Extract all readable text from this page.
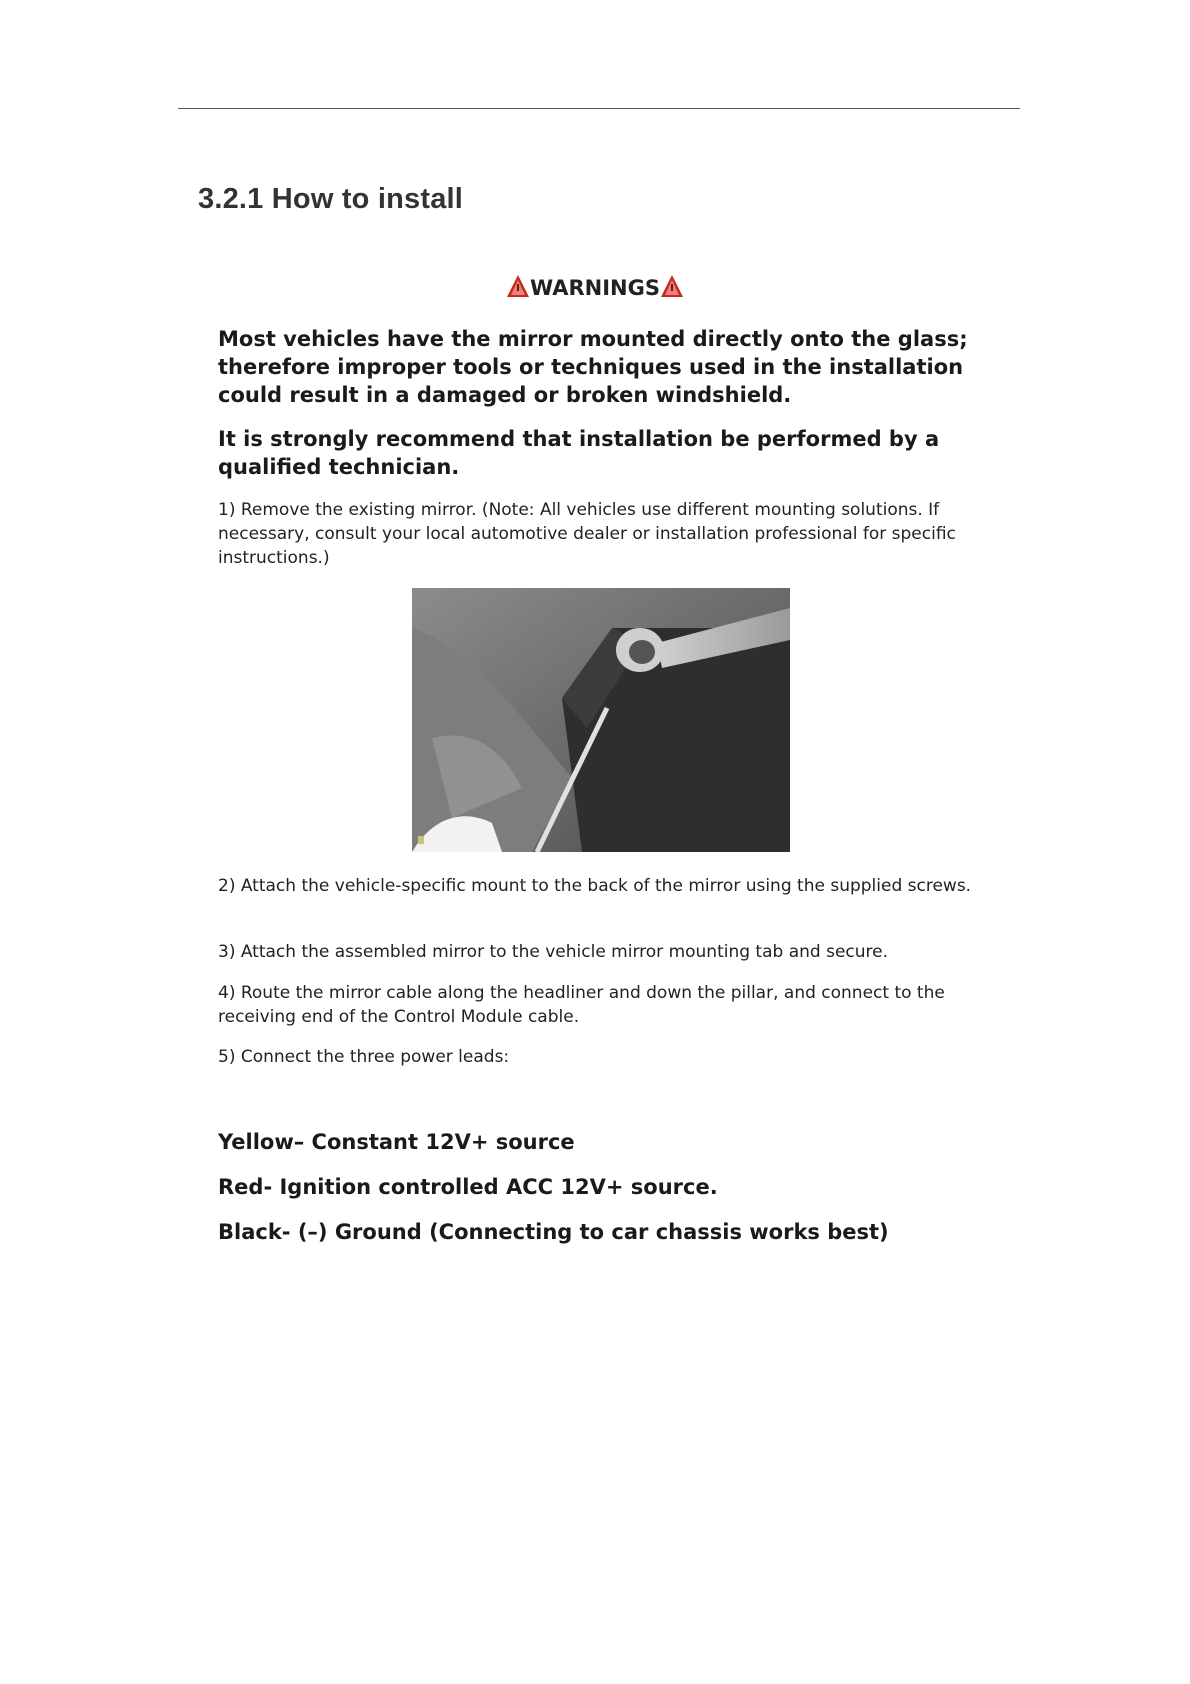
3.2.1 How to install
WARNINGS

Most vehicles have the mirror mounted directly onto the glass; therefore improper tools or techniques used in the installation could result in a damaged or broken windshield.

It is strongly recommend that installation be performed by a qualified technician.

1) Remove the existing mirror. (Note: All vehicles use different mounting solutions. If necessary, consult your local automotive dealer or installation professional for specific instructions.)

2) Attach the vehicle-specific mount to the back of the mirror using the supplied screws.

3) Attach the assembled mirror to the vehicle mirror mounting tab and secure.

4) Route the mirror cable along the headliner and down the pillar, and connect to the receiving end of the Control Module cable.

5) Connect the three power leads:

Yellow– Constant 12V+ source

Red- Ignition controlled ACC 12V+ source.

Black- (–) Ground (Connecting to car chassis works best)
